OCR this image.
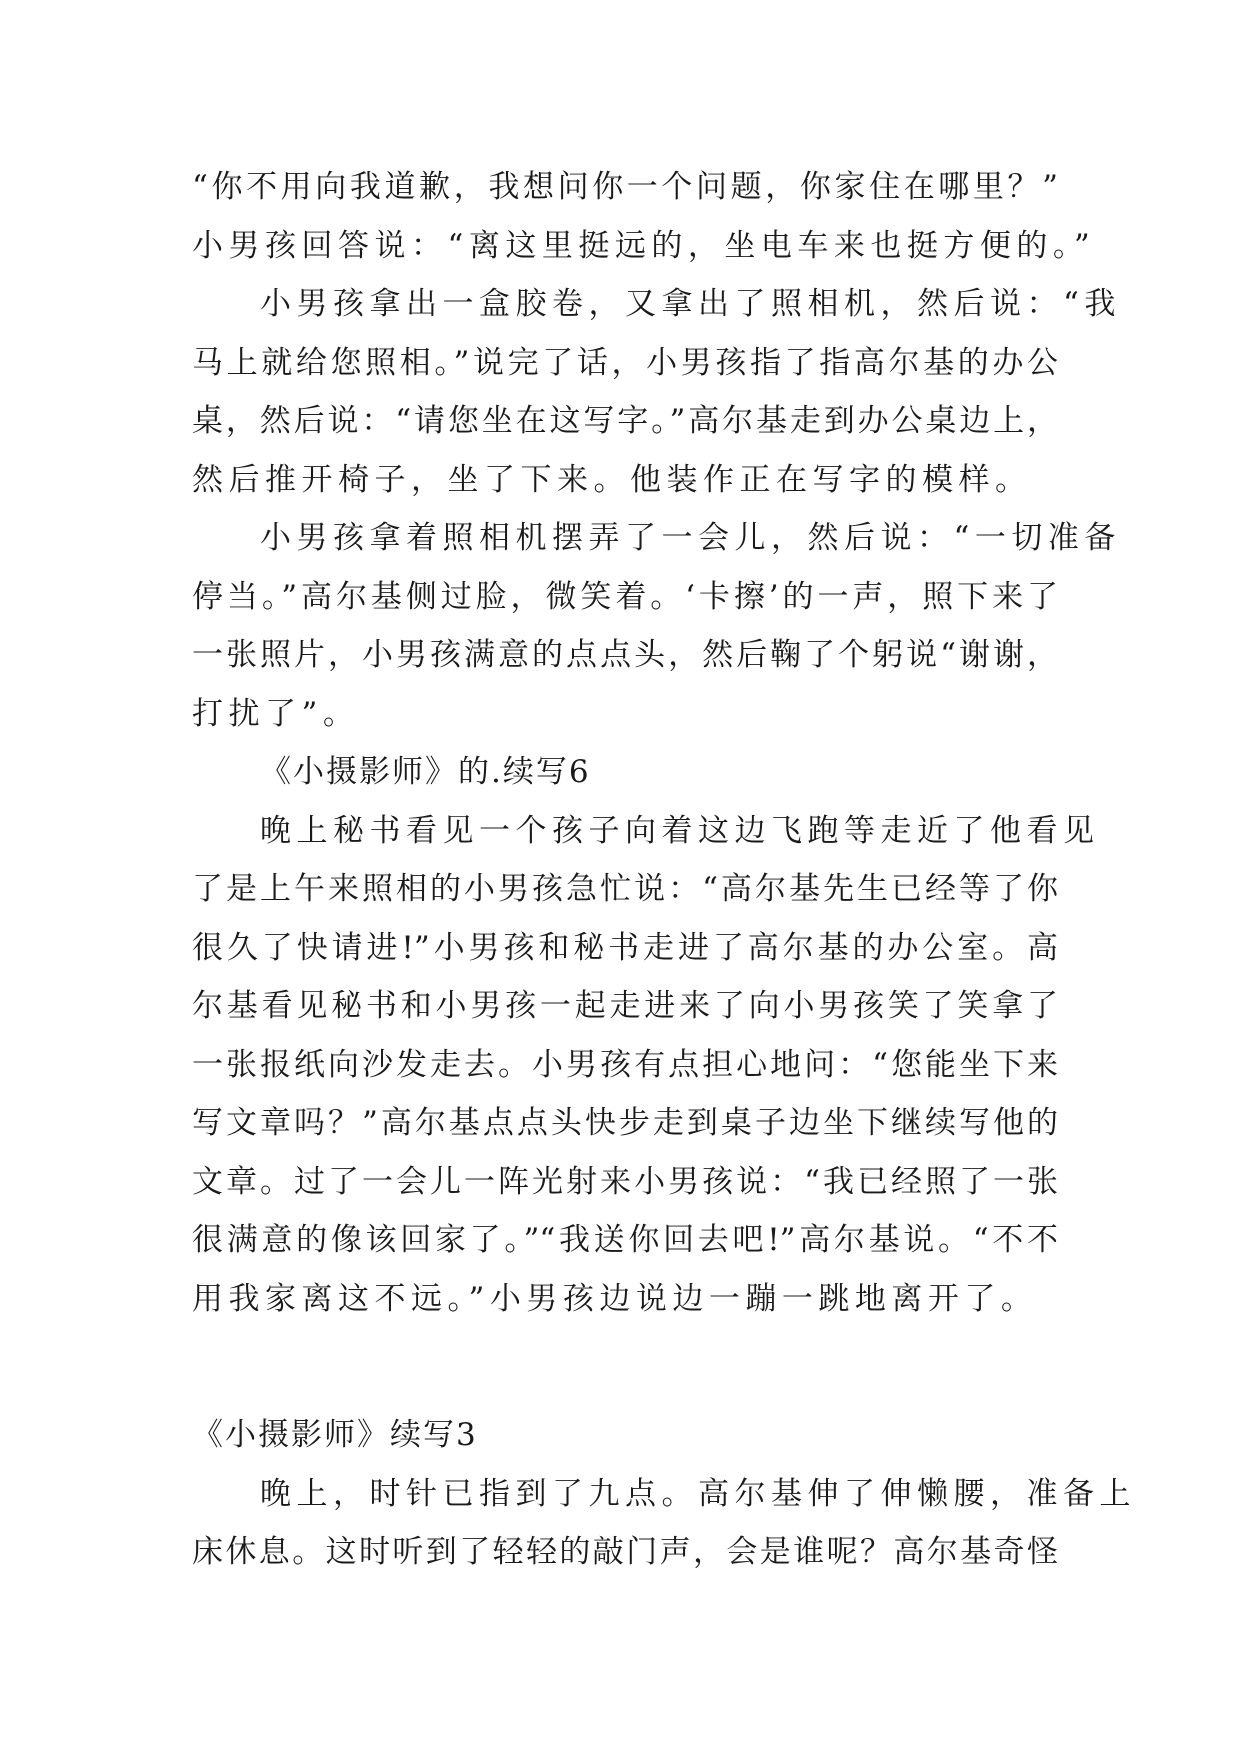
“你不用向我道歉，我想问你一个问题，你家住在哪里？”
小男孩回答说：“离这里挺远的，坐电车来也挺方便的。”
小男孩拿出一盒胶卷，又拿出了照相机，然后说：“我
马上就给您照相。”说完了话，小男孩指了指高尔基的办公
桌，然后说：“请您坐在这写字。”高尔基走到办公桌边上，
然后推开椅子，坐了下来。他装作正在写字的模样。
小男孩拿着照相机摆弄了一会儿，然后说：“一切准备
停当。”高尔基侧过脸，微笑着。‘卡擦’的一声，照下来了
一张照片，小男孩满意的点点头，然后鞠了个躬说“谢谢，
打扰了”。
《小摄影师》的.续写6
晚上秘书看见一个孩子向着这边飞跑等走近了他看见
了是上午来照相的小男孩急忙说：“高尔基先生已经等了你
很久了快请进!”小男孩和秘书走进了高尔基的办公室。高
尔基看见秘书和小男孩一起走进来了向小男孩笑了笑拿了
一张报纸向沙发走去。小男孩有点担心地问：“您能坐下来
写文章吗？”高尔基点点头快步走到桌子边坐下继续写他的
文章。过了一会儿一阵光射来小男孩说：“我已经照了一张
很满意的像该回家了。”“我送你回去吧!”高尔基说。“不不
用我家离这不远。”小男孩边说边一蹦一跳地离开了。
《小摄影师》续写3
晚上，时针已指到了九点。高尔基伸了伸懒腰，准备上
床休息。这时听到了轻轻的敲门声，会是谁呢？高尔基奇怪
